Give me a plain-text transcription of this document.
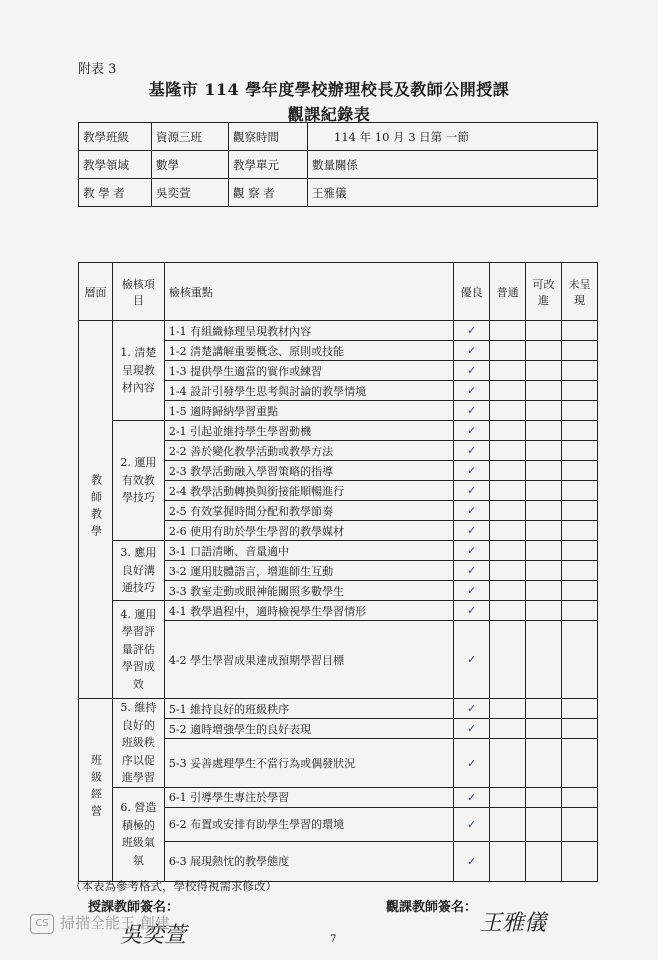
附表 3
基隆市 114 學年度學校辦理校長及教師公開授課
觀課紀錄表
教學班級	資源三班	觀察時間	114 年 10 月 3 日第 一節
教學領域	數學	教學單元	數量關係
教 學 者	吳奕萱	觀 察 者	王雅儀
層面	檢核項目	檢核重點	優良	普通	可改進	未呈現
教師教學	1. 清楚呈現教材內容	1-1 有組織條理呈現教材內容	✓			
		1-2 清楚講解重要概念、原則或技能	✓			
		1-3 提供學生適當的實作或練習	✓			
		1-4 設計引發學生思考與討論的教學情境	✓			
		1-5 適時歸納學習重點	✓			
	2. 運用有效教學技巧	2-1 引起並維持學生學習動機	✓			
		2-2 善於變化教學活動或教學方法	✓			
		2-3 教學活動融入學習策略的指導	✓			
		2-4 教學活動轉換與銜接能順暢進行	✓			
		2-5 有效掌握時間分配和教學節奏	✓			
		2-6 使用有助於學生學習的教學媒材	✓			
	3. 應用良好溝通技巧	3-1 口語清晰、音量適中	✓			
		3-2 運用肢體語言，增進師生互動	✓			
		3-3 教室走動或眼神能關照多數學生	✓			
	4. 運用學習評量評估學習成效	4-1 教學過程中，適時檢視學生學習情形	✓			
		4-2 學生學習成果達成預期學習目標	✓			
班級經營	5. 維持良好的班級秩序以促進學習	5-1 維持良好的班級秩序	✓			
		5-2 適時增強學生的良好表現	✓			
		5-3 妥善處理學生不當行為或偶發狀況	✓			
	6. 營造積極的班級氣氛	6-1 引導學生專注於學習	✓			
		6-2 布置或安排有助學生學習的環境	✓			
		6-3 展現熱忱的教學態度	✓			
（本表為參考格式，學校得視需求修改）
授課教師簽名：	觀課教師簽名：
吳奕萱	王雅儀
CS 掃描全能王 創建
7
